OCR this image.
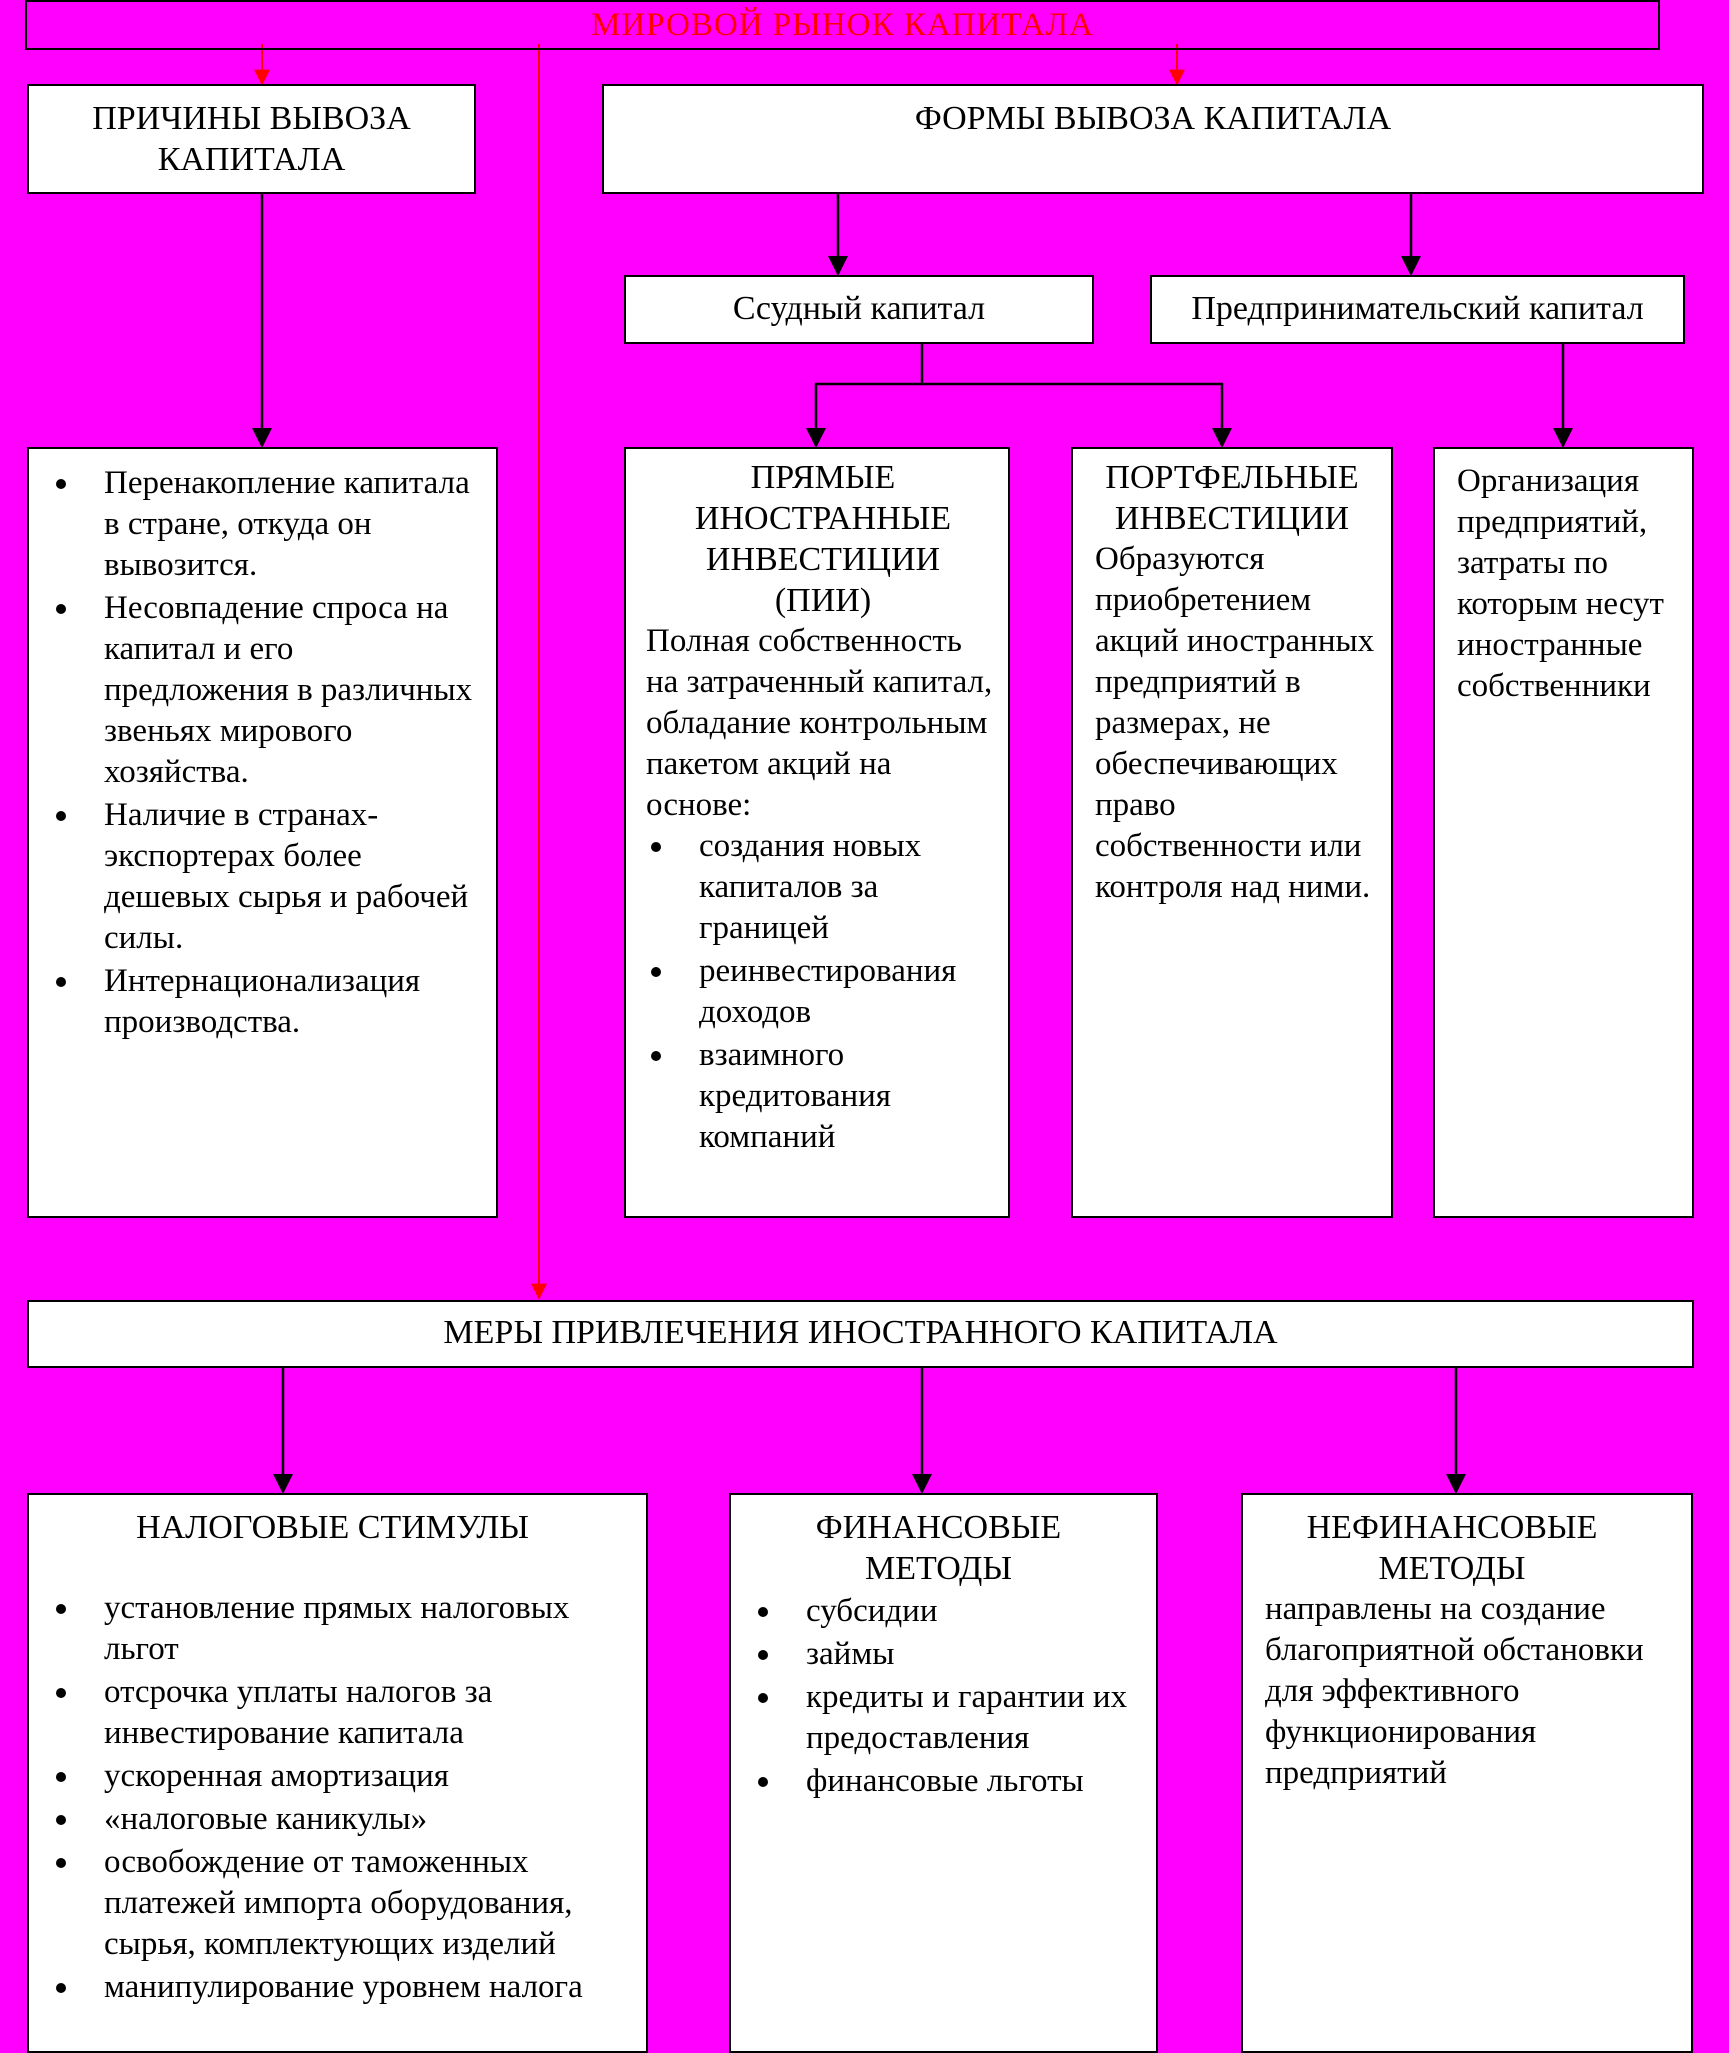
МИРОВОЙ РЫНОК КАПИТАЛА
ПРИЧИНЫ ВЫВОЗА КАПИТАЛА
ФОРМЫ ВЫВОЗА КАПИТАЛА
Ссудный капитал	Предпринимательский капитал
Перенакопление капитала в стране, откуда он вывозится.
Несовпадение спроса на капитал и его предложения в различных звеньях мирового хозяйства.
Наличие в странах-экспортерах более дешевых сырья и рабочей силы.
Интернационализация производства.
ПРЯМЫЕ ИНОСТРАННЫЕ ИНВЕСТИЦИИ (ПИИ)
Полная собственность на затраченный капитал, обладание контрольным пакетом акций на основе:
создания новых капиталов за границей
реинвестирования доходов
взаимного кредитования компаний
ПОРТФЕЛЬНЫЕ ИНВЕСТИЦИИ
Образуются приобретением акций иностранных предприятий в размерах, не обеспечивающих право собственности или контроля над ними.
Организация предприятий, затраты по которым несут иностранные собственники
МЕРЫ ПРИВЛЕЧЕНИЯ ИНОСТРАННОГО КАПИТАЛА
НАЛОГОВЫЕ СТИМУЛЫ
установление прямых налоговых льгот
отсрочка уплаты налогов за инвестирование капитала
ускоренная амортизация
«налоговые каникулы»
освобождение от таможенных платежей импорта оборудования, сырья, комплектующих изделий
манипулирование уровнем налога
ФИНАНСОВЫЕ МЕТОДЫ
субсидии
займы
кредиты и гарантии их предоставления
финансовые льготы
НЕФИНАНСОВЫЕ МЕТОДЫ
направлены на создание благоприятной обстановки для эффективного функционирования предприятий
